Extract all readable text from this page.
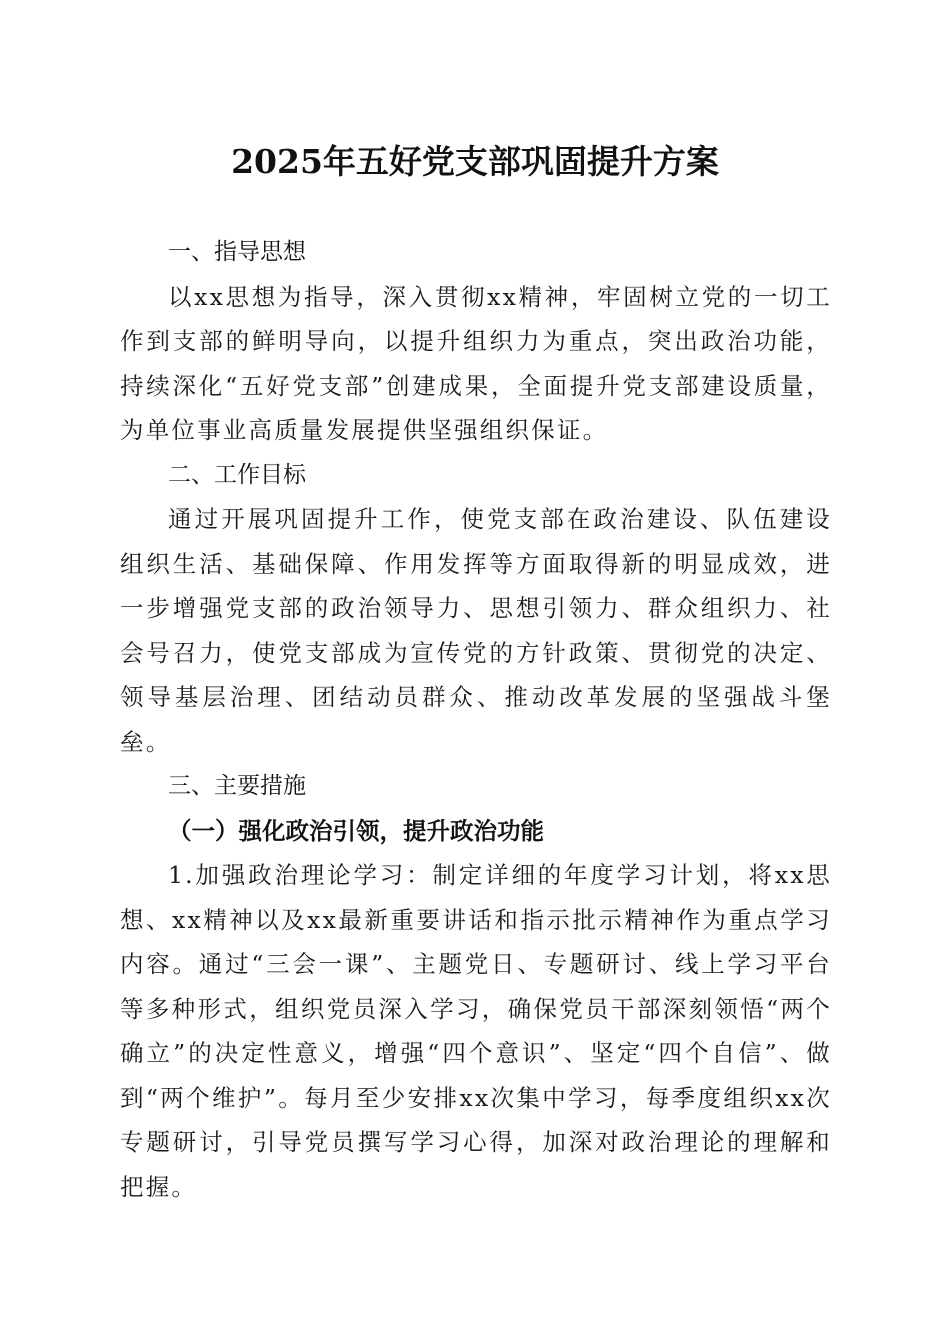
2025年五好党支部巩固提升方案
一、指导思想

以xx思想为指导，深入贯彻xx精神，牢固树立党的一切工作到支部的鲜明导向，以提升组织力为重点，突出政治功能，持续深化“五好党支部”创建成果，全面提升党支部建设质量，为单位事业高质量发展提供坚强组织保证。

二、工作目标

通过开展巩固提升工作，使党支部在政治建设、队伍建设组织生活、基础保障、作用发挥等方面取得新的明显成效，进一步增强党支部的政治领导力、思想引领力、群众组织力、社会号召力，使党支部成为宣传党的方针政策、贯彻党的决定、领导基层治理、团结动员群众、推动改革发展的坚强战斗堡垒。

三、主要措施
（一）强化政治引领，提升政治功能

1.加强政治理论学习：制定详细的年度学习计划，将xx思想、xx精神以及xx最新重要讲话和指示批示精神作为重点学习内容。通过“三会一课”、主题党日、专题研讨、线上学习平台等多种形式，组织党员深入学习，确保党员干部深刻领悟“两个确立”的决定性意义，增强“四个意识”、坚定“四个自信”、做到“两个维护”。每月至少安排xx次集中学习，每季度组织xx次专题研讨，引导党员撰写学习心得，加深对政治理论的理解和把握。
